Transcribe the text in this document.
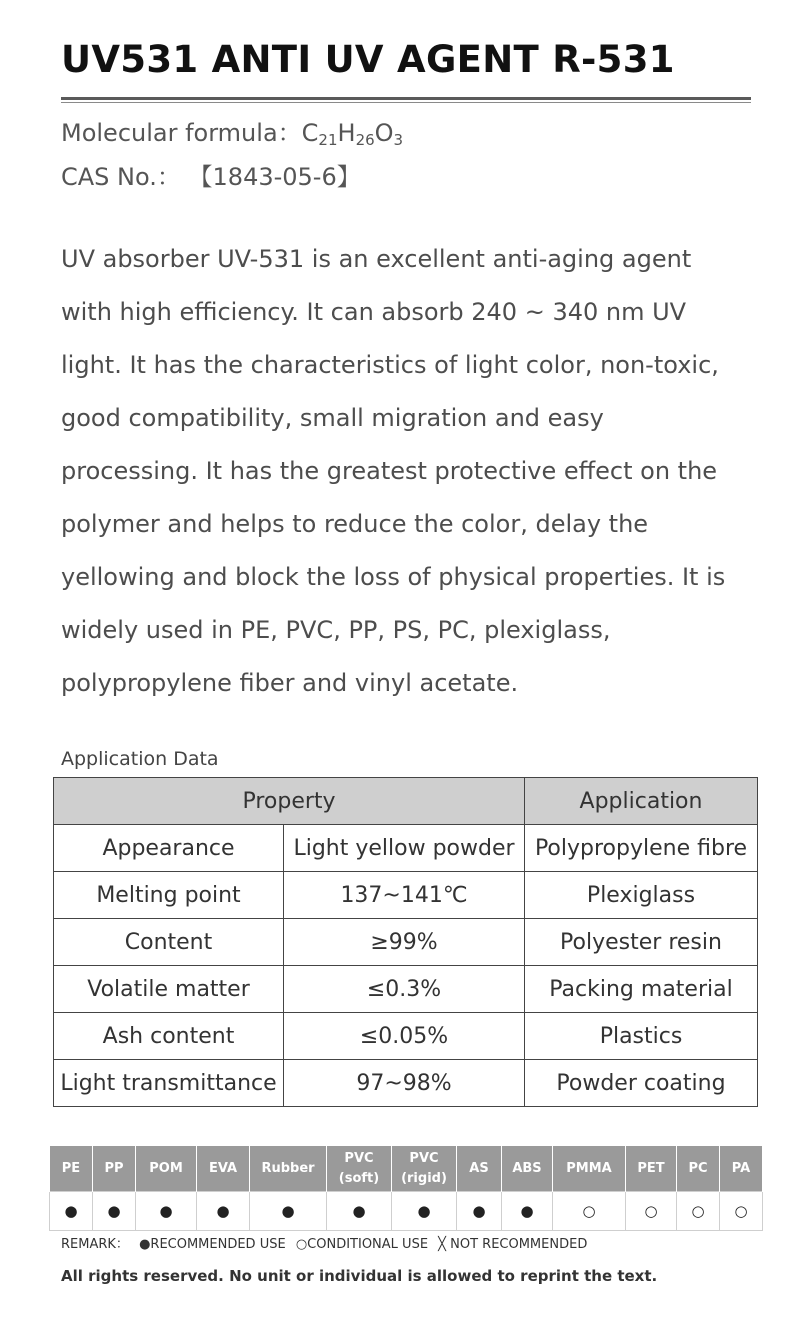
UV531 ANTI UV AGENT R-531
Molecular formula：$C_{21}H_{26}O_3$
CAS No.： 【1843-05-6】
UV absorber UV-531 is an excellent anti-aging agent
with high efficiency. It can absorb 240 ~ 340 nm UV
light. It has the characteristics of light color, non-toxic,
good compatibility, small migration and easy
processing. It has the greatest protective effect on the
polymer and helps to reduce the color, delay the
yellowing and block the loss of physical properties. It is
widely used in PE, PVC, PP, PS, PC, plexiglass,
polypropylene fiber and vinyl acetate.
Application Data
Property		Application
Appearance	Light yellow powder	Polypropylene fibre
Melting point	137~141℃	Plexiglass
Content	≥99%	Polyester resin
Volatile matter	≤0.3%	Packing material
Ash content	≤0.05%	Plastics
Light transmittance	97~98%	Powder coating
PE	PP	POM	EVA	Rubber	PVC
(soft)	PVC
(rigid)	AS	ABS	PMMA	PET	PC	PA
●	●	●	●	●	●	●	●	●	○	○	○	○
REMARK： ●RECOMMENDED USE ○CONDITIONAL USE ╳ NOT RECOMMENDED
All rights reserved. No unit or individual is allowed to reprint the text.
